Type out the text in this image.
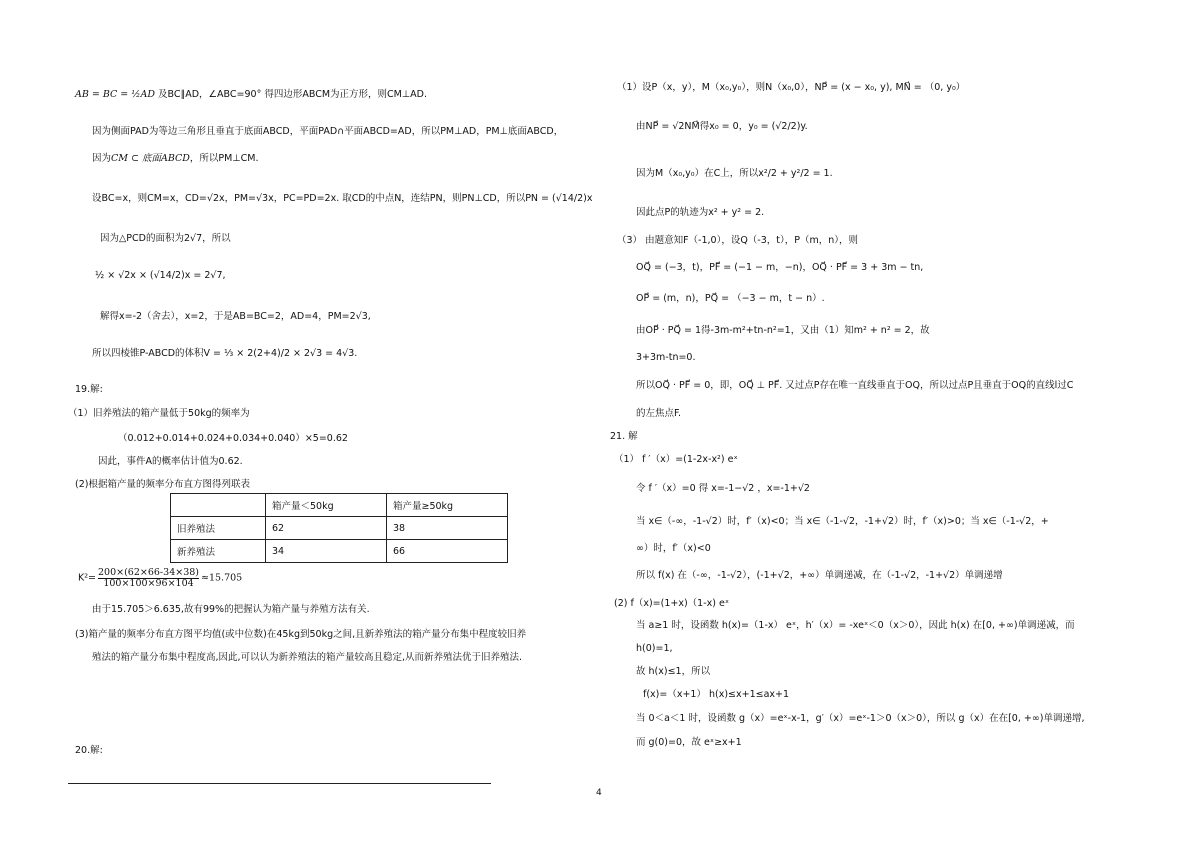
AB = BC = ½AD 及BC∥AD，∠ABC=90° 得四边形ABCM为正方形，则CM⊥AD.
因为侧面PAD为等边三角形且垂直于底面ABCD，平面PAD∩平面ABCD=AD，所以PM⊥AD，PM⊥底面ABCD，
因为CM ⊂ 底面ABCD，所以PM⊥CM.
设BC=x，则CM=x，CD=√2x，PM=√3x，PC=PD=2x. 取CD的中点N，连结PN，则PN⊥CD，所以PN = (√14/2)x
因为△PCD的面积为2√7，所以
½ × √2x × (√14/2)x = 2√7,
解得x=-2（舍去），x=2，于是AB=BC=2，AD=4，PM=2√3,
所以四棱锥P-ABCD的体积V = ⅓ × 2(2+4)/2 × 2√3 = 4√3.
19.解:
（1）旧养殖法的箱产量低于50kg的频率为
（0.012+0.014+0.024+0.034+0.040）×5=0.62
因此，事件A的概率估计值为0.62.
(2)根据箱产量的频率分布直方图得列联表
	箱产量＜50kg	箱产量≥50kg
旧养殖法	62	38
新养殖法	34	66
$K^2= \frac{200\times(62\times 66-34\times 38)}{100\times 100\times 96\times 104} \approx 15.705$
由于15.705＞6.635,故有99%的把握认为箱产量与养殖方法有关.
(3)箱产量的频率分布直方图平均值(或中位数)在45kg到50kg之间,且新养殖法的箱产量分布集中程度较旧养
殖法的箱产量分布集中程度高,因此,可以认为新养殖法的箱产量较高且稳定,从而新养殖法优于旧养殖法.
20.解:
（1）设P（x，y），M（x₀,y₀），则N（x₀,0），NP⃗ = (x − x₀, y), MN⃗ = （0, y₀）
由NP⃗ = √2NM⃗得x₀ = 0，y₀ = (√2/2)y.
因为M（x₀,y₀）在C上，所以x²/2 + y²/2 = 1.
因此点P的轨迹为x² + y² = 2.
（3） 由题意知F（-1,0），设Q（-3，t），P（m，n），则
OQ⃗ = (−3，t)，PF⃗ = (−1 − m，−n)，OQ⃗ · PF⃗ = 3 + 3m − tn,
OP⃗ = (m，n)，PQ⃗ = （−3 − m，t − n）.
由OP⃗ · PQ⃗ = 1得-3m-m²+tn-n²=1，又由（1）知m² + n² = 2，故
3+3m-tn=0.
所以OQ⃗ · PF⃗ = 0，即，OQ⃗ ⊥ PF⃗. 又过点P存在唯一直线垂直于OQ，所以过点P且垂直于OQ的直线l过C
的左焦点F.
21. 解
（1） f ′（x）=(1-2x-x²) eˣ
令 f ′（x）=0 得 x=-1−√2 ，x=-1+√2
当 x∈（-∞，-1-√2）时，f′（x)<0；当 x∈（-1-√2，-1+√2）时，f′（x)>0；当 x∈（-1-√2，+
∞）时，f′（x)<0
所以 f(x) 在（-∞，-1-√2），(-1+√2，+∞）单调递减，在（-1-√2，-1+√2）单调递增
(2) f（x)=(1+x)（1-x) eˣ
当 a≥1 时，设函数 h(x)=（1-x） eˣ，h′（x）= -xeˣ＜0（x＞0），因此 h(x) 在[0, +∞)单调递减，而
h(0)=1,
故 h(x)≤1，所以
f(x)=（x+1） h(x)≤x+1≤ax+1
当 0＜a＜1 时，设函数 g（x）=eˣ-x-1，g′（x）=eˣ-1＞0（x＞0），所以 g（x）在在[0, +∞)单调递增,
而 g(0)=0，故 eˣ≥x+1
4
